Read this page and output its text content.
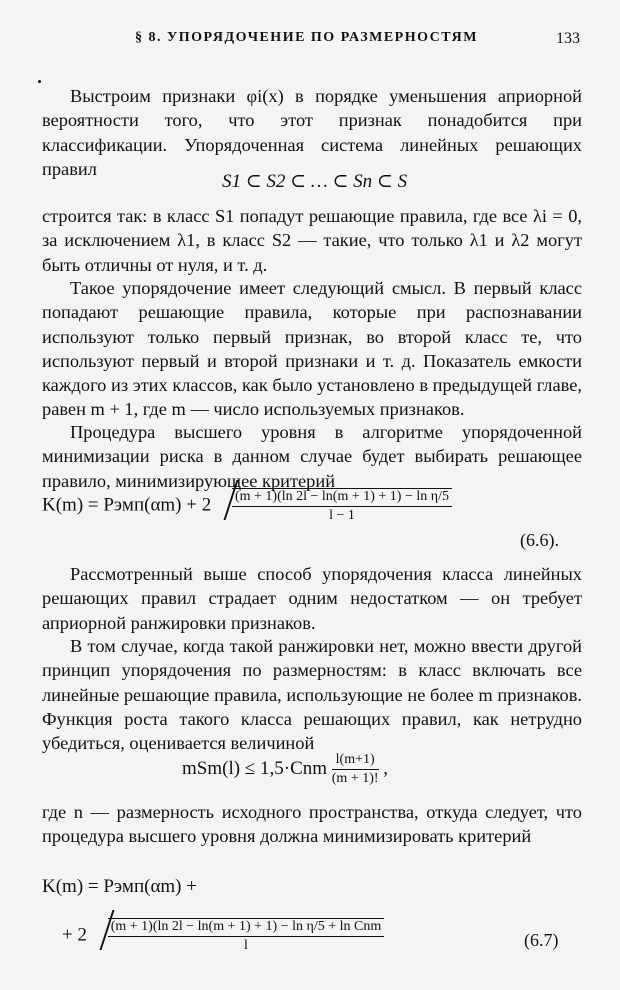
§ 8. УПОРЯДОЧЕНИЕ ПО РАЗМЕРНОСТЯМ	133

Выстроим признаки φi(x) в порядке уменьшения априорной вероятности того, что этот признак понадобится при классификации. Упорядоченная система линейных решающих правил

S1 ⊂ S2 ⊂ … ⊂ Sn ⊂ S

строится так: в класс S1 попадут решающие правила, где все λi = 0, за исключением λ1, в класс S2 — такие, что только λ1 и λ2 могут быть отличны от нуля, и т. д.

Такое упорядочение имеет следующий смысл. В первый класс попадают решающие правила, которые при распознавании используют только первый признак, во второй класс те, что используют первый и второй признаки и т. д. Показатель емкости каждого из этих классов, как было установлено в предыдущей главе, равен m + 1, где m — число используемых признаков.

Процедура высшего уровня в алгоритме упорядоченной минимизации риска в данном случае будет выбирать решающее правило, минимизирующее критерий

K(m) = Pэмп(αm) + $2 \frac{\text{(m + 1)(ln 2l − ln(m + 1) + 1) − ln η/5}}{l - 1}$
(6.6).

Рассмотренный выше способ упорядочения класса линейных решающих правил страдает одним недостатком — он требует априорной ранжировки признаков.

В том случае, когда такой ранжировки нет, можно ввести другой принцип упорядочения по размерностям: в класс включать все линейные решающие правила, использующие не более m признаков. Функция роста такого класса решающих правил, как нетрудно убедиться, оценивается величиной

$mSm(l) \le 1,5\cdot Cnm \frac{l(m+1)}{(m + 1)!}$ ,

где n — размерность исходного пространства, откуда следует, что процедура высшего уровня должна минимизировать критерий

K(m) = Pэмп(αm) +
+ $2 \frac{\text{(m + 1)(ln 2l − ln(m + 1) + 1) − ln η/5 + ln Cnm}}{l}$	(6.7)
